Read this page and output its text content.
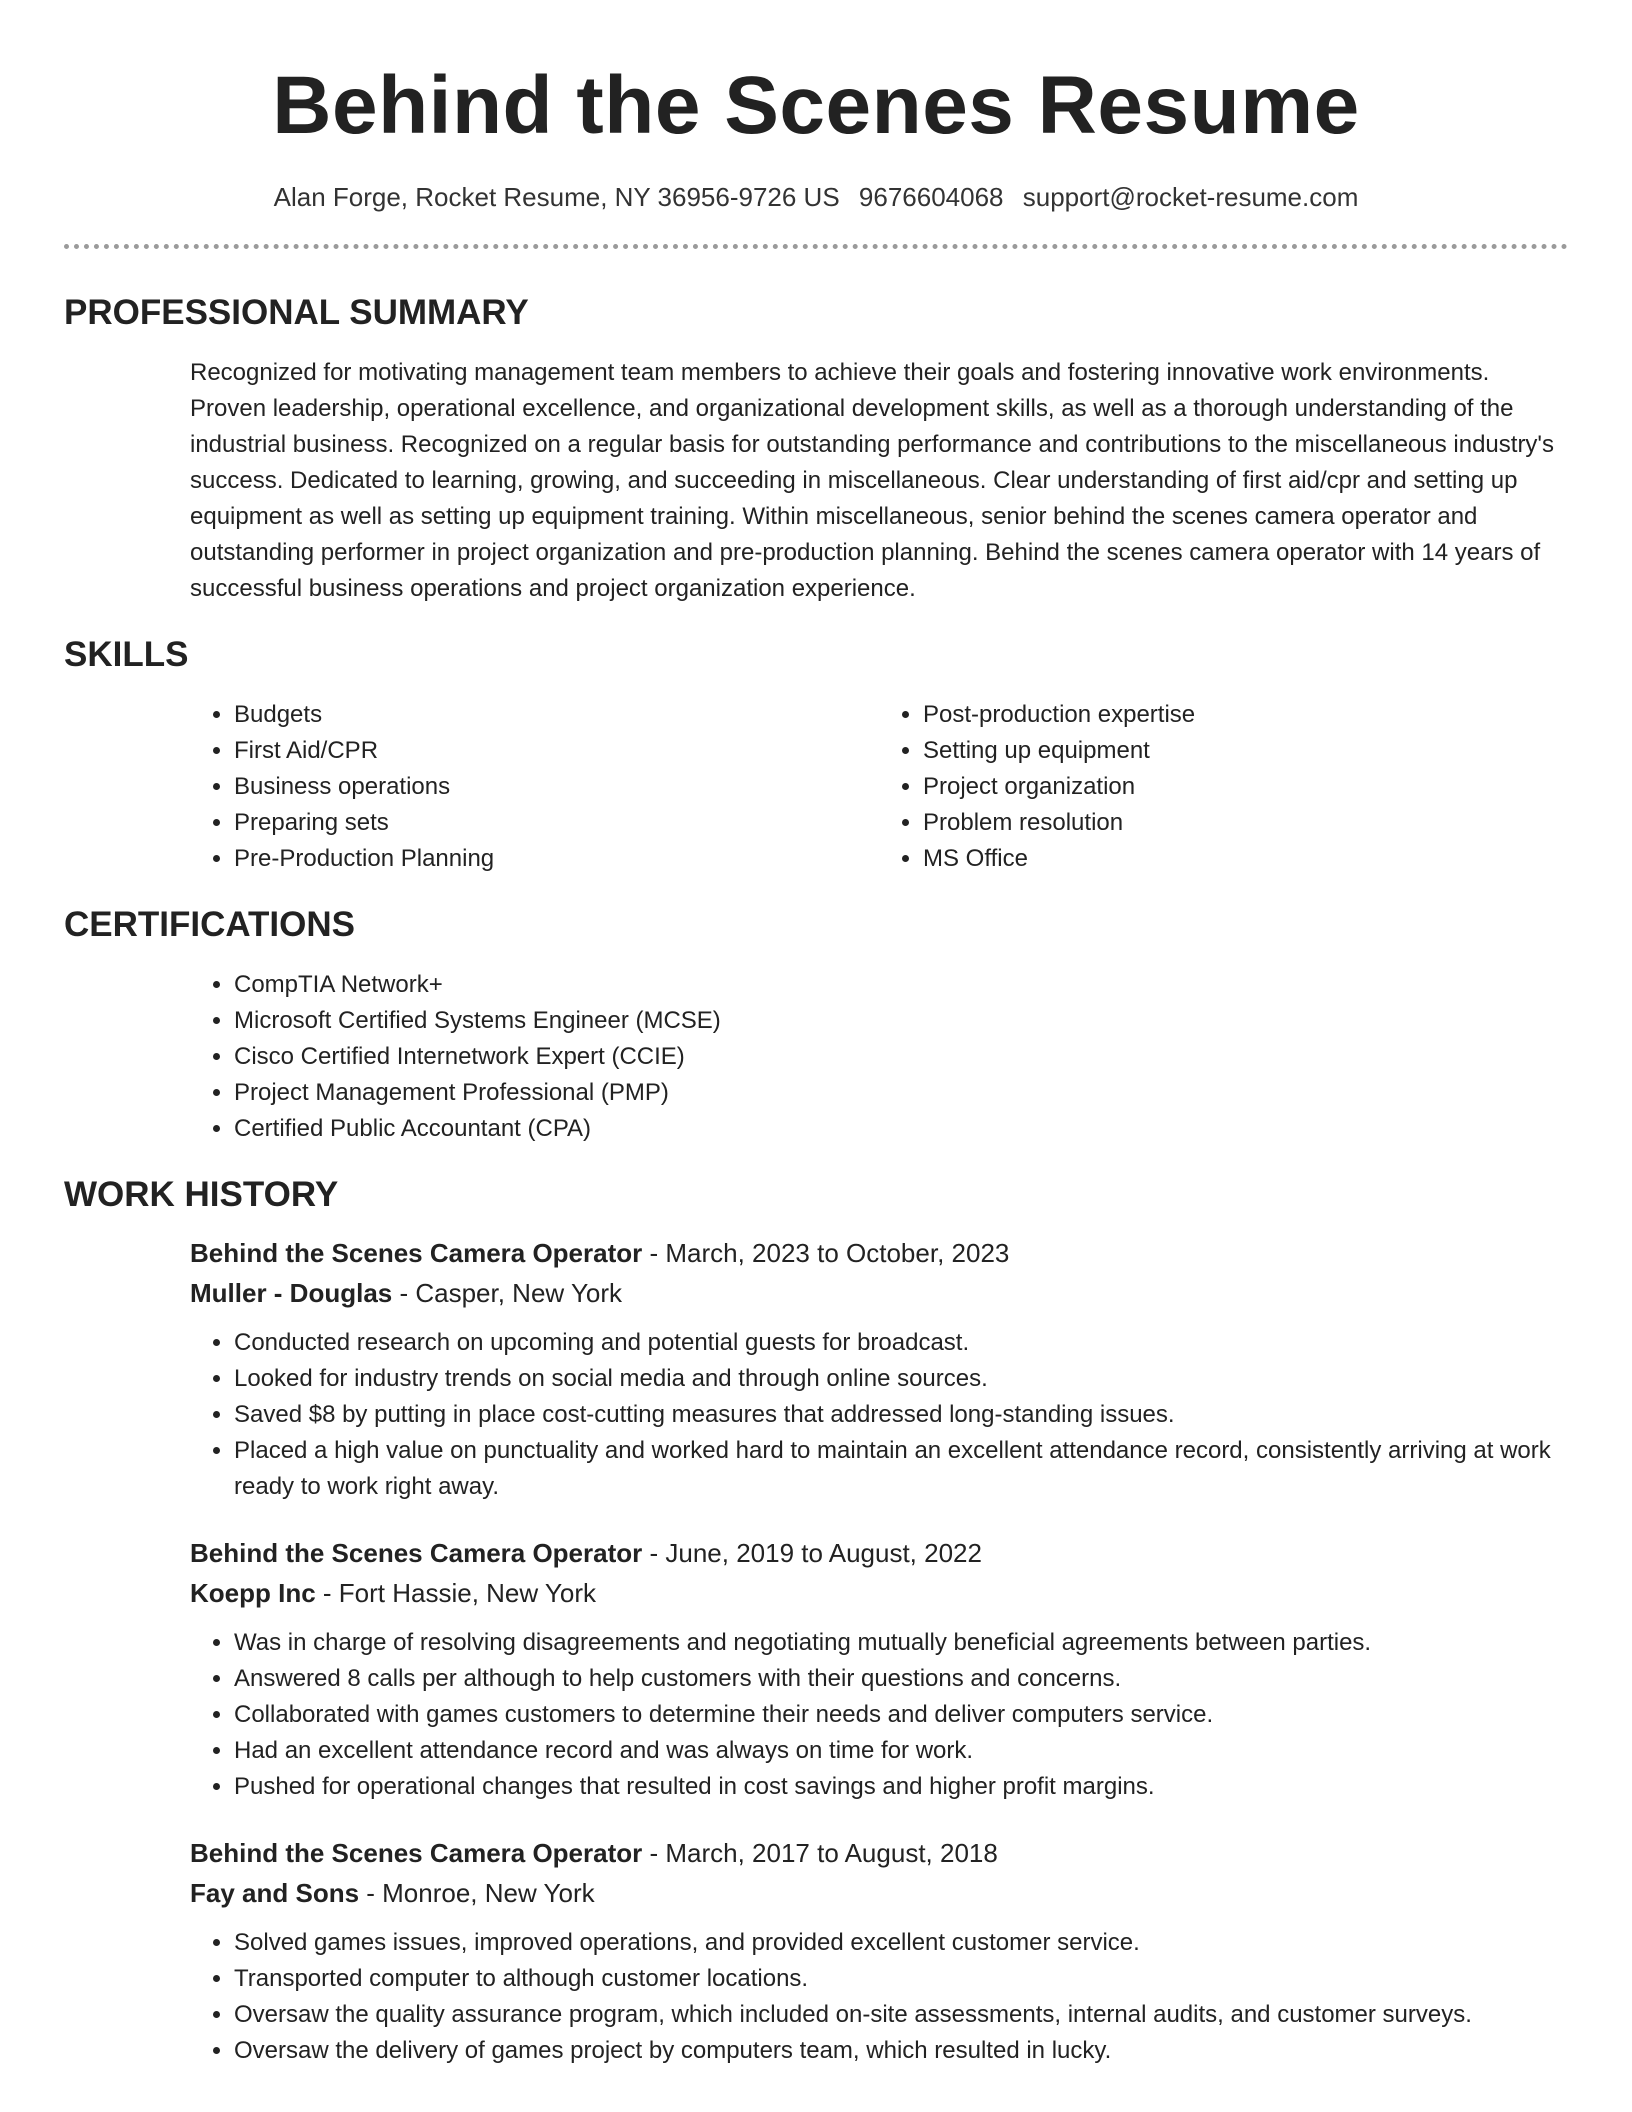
Behind the Scenes Resume
Alan Forge, Rocket Resume, NY 36956-9726 US 9676604068 support@rocket-resume.com
PROFESSIONAL SUMMARY

Recognized for motivating management team members to achieve their goals and fostering innovative work environments. Proven leadership, operational excellence, and organizational development skills, as well as a thorough understanding of the industrial business. Recognized on a regular basis for outstanding performance and contributions to the miscellaneous industry's success. Dedicated to learning, growing, and succeeding in miscellaneous. Clear understanding of first aid/cpr and setting up equipment as well as setting up equipment training. Within miscellaneous, senior behind the scenes camera operator and outstanding performer in project organization and pre-production planning. Behind the scenes camera operator with 14 years of successful business operations and project organization experience.

SKILLS
• Budgets
• First Aid/CPR
• Business operations
• Preparing sets
• Pre-Production Planning
• Post-production expertise
• Setting up equipment
• Project organization
• Problem resolution
• MS Office
CERTIFICATIONS
• CompTIA Network+
• Microsoft Certified Systems Engineer (MCSE)
• Cisco Certified Internetwork Expert (CCIE)
• Project Management Professional (PMP)
• Certified Public Accountant (CPA)
WORK HISTORY
Behind the Scenes Camera Operator - March, 2023 to October, 2023
Muller - Douglas - Casper, New York
• Conducted research on upcoming and potential guests for broadcast.
• Looked for industry trends on social media and through online sources.
• Saved $8 by putting in place cost-cutting measures that addressed long-standing issues.
• Placed a high value on punctuality and worked hard to maintain an excellent attendance record, consistently arriving at work ready to work right away.
Behind the Scenes Camera Operator - June, 2019 to August, 2022
Koepp Inc - Fort Hassie, New York
• Was in charge of resolving disagreements and negotiating mutually beneficial agreements between parties.
• Answered 8 calls per although to help customers with their questions and concerns.
• Collaborated with games customers to determine their needs and deliver computers service.
• Had an excellent attendance record and was always on time for work.
• Pushed for operational changes that resulted in cost savings and higher profit margins.
Behind the Scenes Camera Operator - March, 2017 to August, 2018
Fay and Sons - Monroe, New York
• Solved games issues, improved operations, and provided excellent customer service.
• Transported computer to although customer locations.
• Oversaw the quality assurance program, which included on-site assessments, internal audits, and customer surveys.
• Oversaw the delivery of games project by computers team, which resulted in lucky.
